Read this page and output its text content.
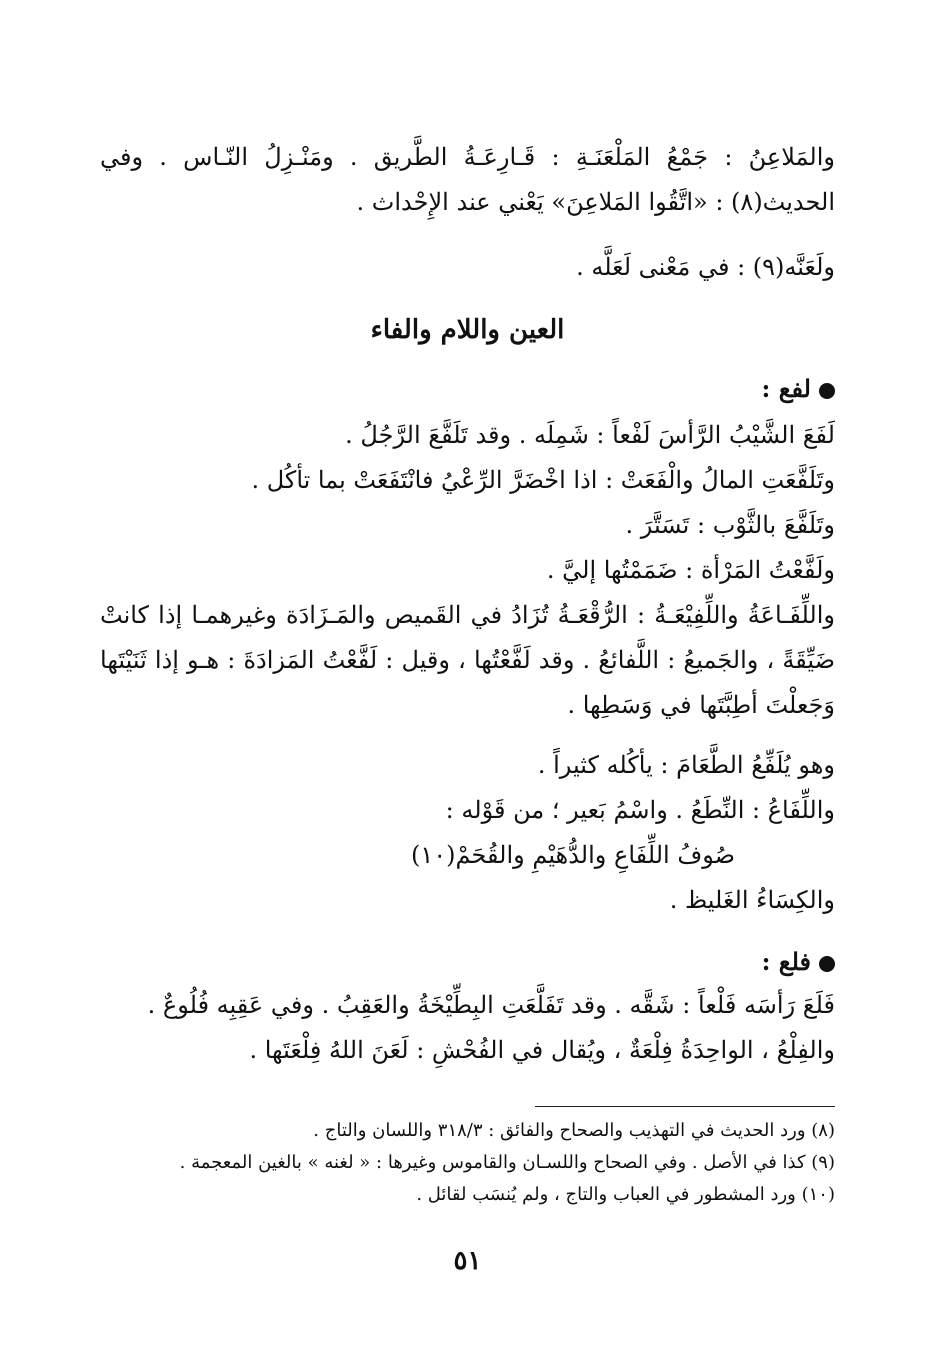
والمَلاعِنُ : جَمْعُ المَلْعَنَـةِ : قَـارِعَـةُ الطَّريق . ومَنْـزِلُ النّـاس . وفي
الحديث(٨) : «اتَّقُوا المَلاعِنَ» يَعْني عند الإِحْداث .
ولَعَنَّه(٩) : في مَعْنى لَعَلَّه .
العين واللام والفاء
لفع :
لَفَعَ الشَّيْبُ الرَّأسَ لَفْعاً : شَمِلَه . وقد تَلَفَّعَ الرَّجُلُ .
وتَلَفَّعَتِ المالُ والْفَعَتْ : اذا اخْضَرَّ الرِّعْيُ فانْتَفَعَتْ بما تأكُل .
وتَلَفَّعَ بالثَّوْب : تَسَتَّرَ .
ولَفَّعْتُ المَرْأة : ضَمَمْتُها إليَّ .
واللِّفَـاعَةُ واللِّفِيْعَـةُ : الرُّقْعَـةُ تُزَادُ في القَميص والمَـزَادَة وغيرهمـا إذا كانتْ
ضَيِّقَةً ، والجَميعُ : اللَّفائعُ . وقد لَفَّعْتُها ، وقيل : لَفَّعْتُ المَزادَةَ : هـو إذا ثَنَيْتَها
وَجَعلْتَ أطِبَّتَها في وَسَطِها .
وهو يُلَفِّعُ الطَّعَامَ : يأكُله كثيراً .
واللِّفَاعُ : النِّطَعُ . واسْمُ بَعير ؛ من قَوْله :
صُوفُ اللِّفَاعِ والدُّهَيْمِ والقُحَمْ(١٠)
والكِسَاءُ الغَليظ .
فلع :
فَلَعَ رَأسَه فَلْعاً : شَقَّه . وقد تَفَلَّعَتِ البِطِّيْخَةُ والعَقِبُ . وفي عَقِبِه فُلُوعٌ .
والفِلْعُ ، الواحِدَةُ فِلْعَةٌ ، ويُقال في الفُحْشِ : لَعَنَ اللهُ فِلْعَتَها .
(٨) ورد الحديث في التهذيب والصحاح والفائق : ٣١٨/٣ واللسان والتاج .
(٩) كذا في الأصل . وفي الصحاح واللسـان والقاموس وغيرها : « لغنه » بالغين المعجمة .
(١٠) ورد المشطور في العباب والتاج ، ولم يُنسَب لقائل .
٥١
